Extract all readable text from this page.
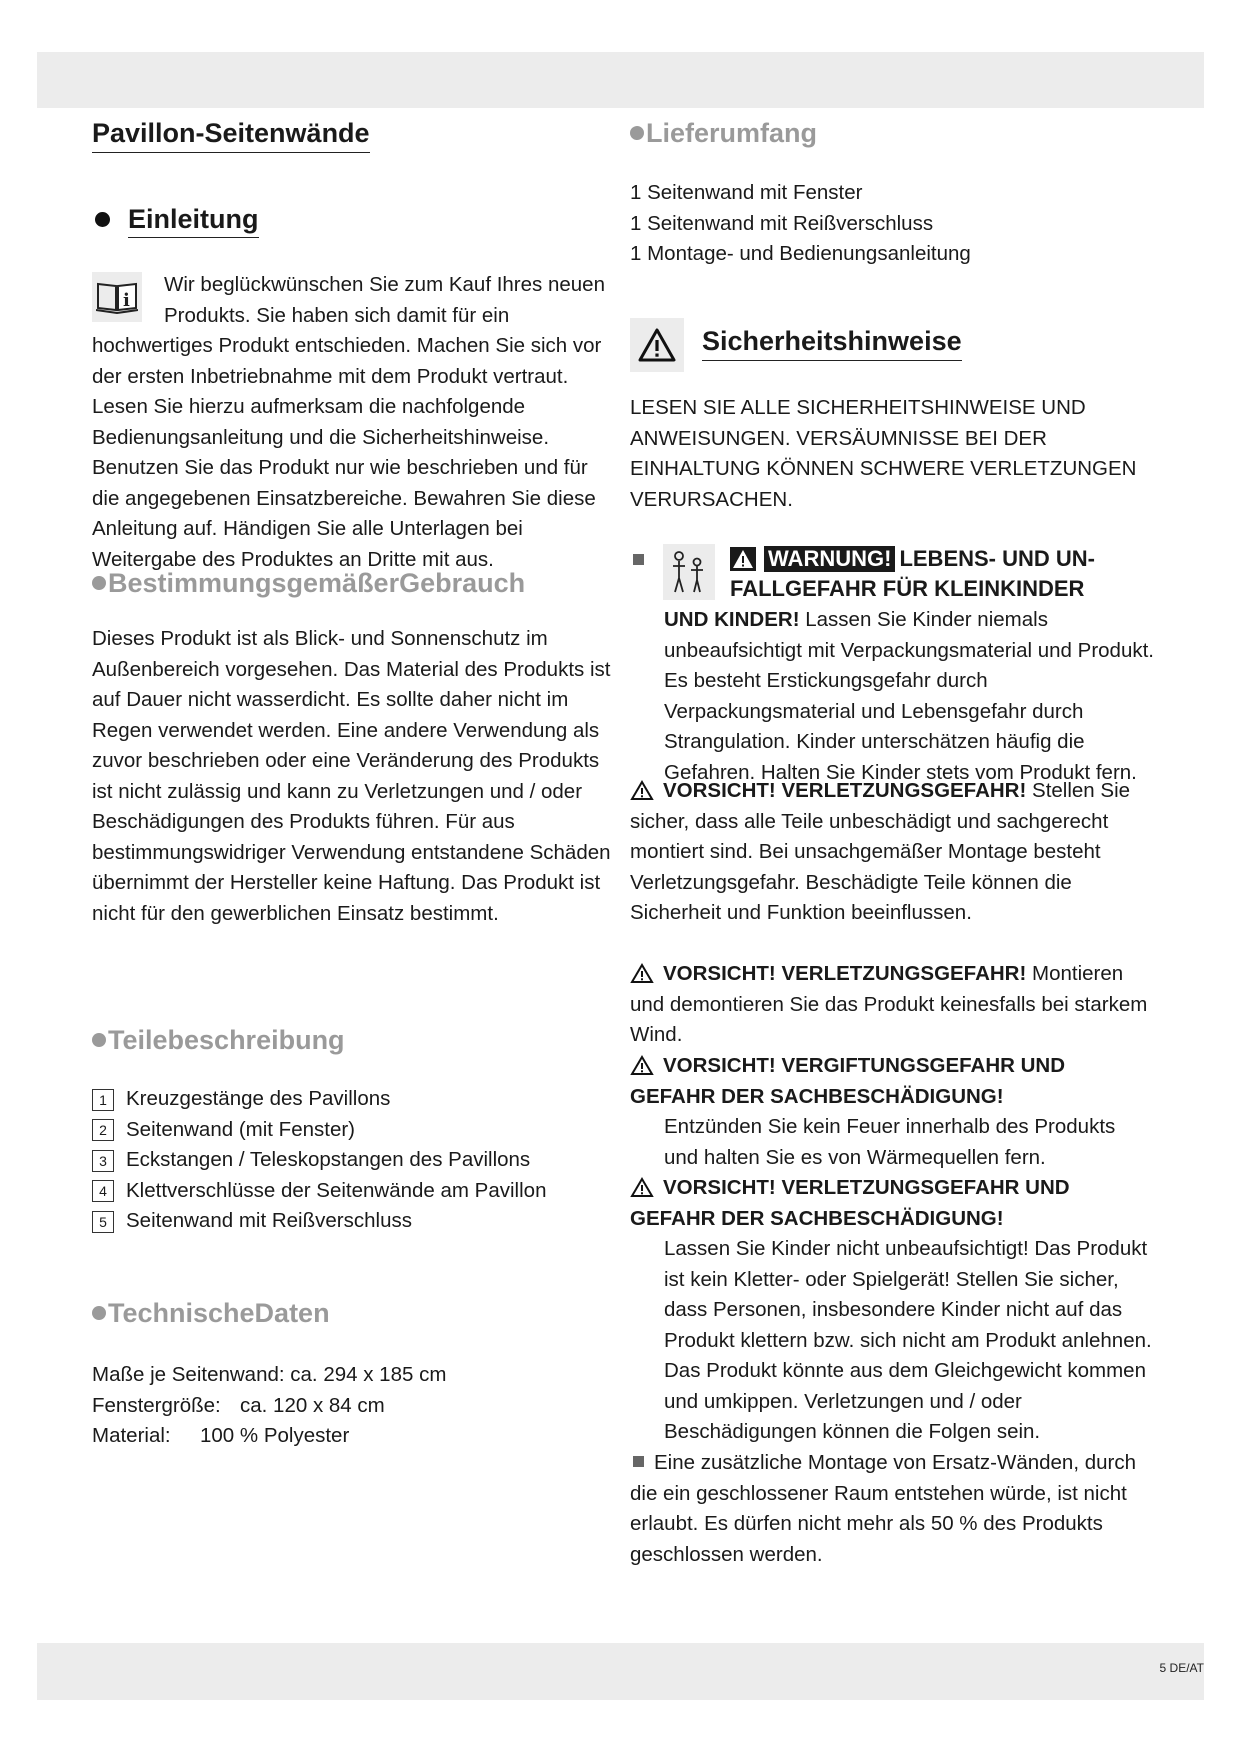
5 DE/AT
Pavillon-Seitenwände
Einleitung
i
Wir beglückwünschen Sie zum Kauf Ihres neuen Produkts. Sie haben sich damit für ein hochwertiges Produkt entschieden. Machen Sie sich vor der ersten Inbetriebnahme mit dem Produkt vertraut. Lesen Sie hierzu aufmerksam die nachfolgende Bedienungsanleitung und die Sicherheitshinweise. Benutzen Sie das Produkt nur wie beschrieben und für die angegebenen Einsatzbereiche. Bewahren Sie diese Anleitung auf. Händigen Sie alle Unterlagen bei Weitergabe des Produktes an Dritte mit aus.
BestimmungsgemäßerGebrauch

Dieses Produkt ist als Blick- und Sonnenschutz im Außenbereich vorgesehen. Das Material des Produkts ist auf Dauer nicht wasserdicht. Es sollte daher nicht im Regen verwendet werden. Eine andere Verwendung als zuvor beschrieben oder eine Veränderung des Produkts ist nicht zulässig und kann zu Verletzungen und / oder Beschädigungen des Produkts führen. Für aus bestimmungswidriger Verwendung entstandene Schäden übernimmt der Hersteller keine Haftung. Das Produkt ist nicht für den gewerblichen Einsatz bestimmt.

Teilebeschreibung
1 Kreuzgestänge des Pavillons
2 Seitenwand (mit Fenster)
3 Eckstangen / Teleskopstangen des Pavillons
4 Klettverschlüsse der Seitenwände am Pavillon
5 Seitenwand mit Reißverschluss
TechnischeDaten
Maße je Seitenwand: ca. 294 x 185 cm
Fenstergröße: ca. 120 x 84 cm
Material: 100 % Polyester
Lieferumfang
1 Seitenwand mit Fenster
1 Seitenwand mit Reißverschluss
1 Montage- und Bedienungsanleitung
Sicherheitshinweise
LESEN SIE ALLE SICHERHEITSHINWEISE UND ANWEISUNGEN. VERSÄUMNISSE BEI DER EINHALTUNG KÖNNEN SCHWERE VERLETZUNGEN VERURSACHEN.
WARNUNG! LEBENS- UND UN-
FALLGEFAHR FÜR KLEINKINDER
UND KINDER! Lassen Sie Kinder niemals unbeaufsichtigt mit Verpackungsmaterial und Produkt. Es besteht Erstickungsgefahr durch Verpackungsmaterial und Lebensgefahr durch Strangulation. Kinder unterschätzen häufig die Gefahren. Halten Sie Kinder stets vom Produkt fern.
VORSICHT! VERLETZUNGSGEFAHR! Stellen Sie sicher, dass alle Teile unbeschädigt und sachgerecht montiert sind. Bei unsachgemäßer Montage besteht Verletzungsgefahr. Beschädigte Teile können die Sicherheit und Funktion beeinflussen.
VORSICHT! VERLETZUNGSGEFAHR! Montieren und demontieren Sie das Produkt keinesfalls bei starkem Wind.
VORSICHT! VERGIFTUNGSGEFAHR UND GEFAHR DER SACHBESCHÄDIGUNG!
Entzünden Sie kein Feuer innerhalb des Produkts und halten Sie es von Wärmequellen fern.
VORSICHT! VERLETZUNGSGEFAHR UND GEFAHR DER SACHBESCHÄDIGUNG!
Lassen Sie Kinder nicht unbeaufsichtigt! Das Produkt ist kein Kletter- oder Spielgerät! Stellen Sie sicher, dass Personen, insbesondere Kinder nicht auf das Produkt klettern bzw. sich nicht am Produkt anlehnen. Das Produkt könnte aus dem Gleichgewicht kommen und umkippen. Verletzungen und / oder Beschädigungen können die Folgen sein.
Eine zusätzliche Montage von Ersatz-Wänden, durch die ein geschlossener Raum entstehen würde, ist nicht erlaubt. Es dürfen nicht mehr als 50 % des Produkts geschlossen werden.
